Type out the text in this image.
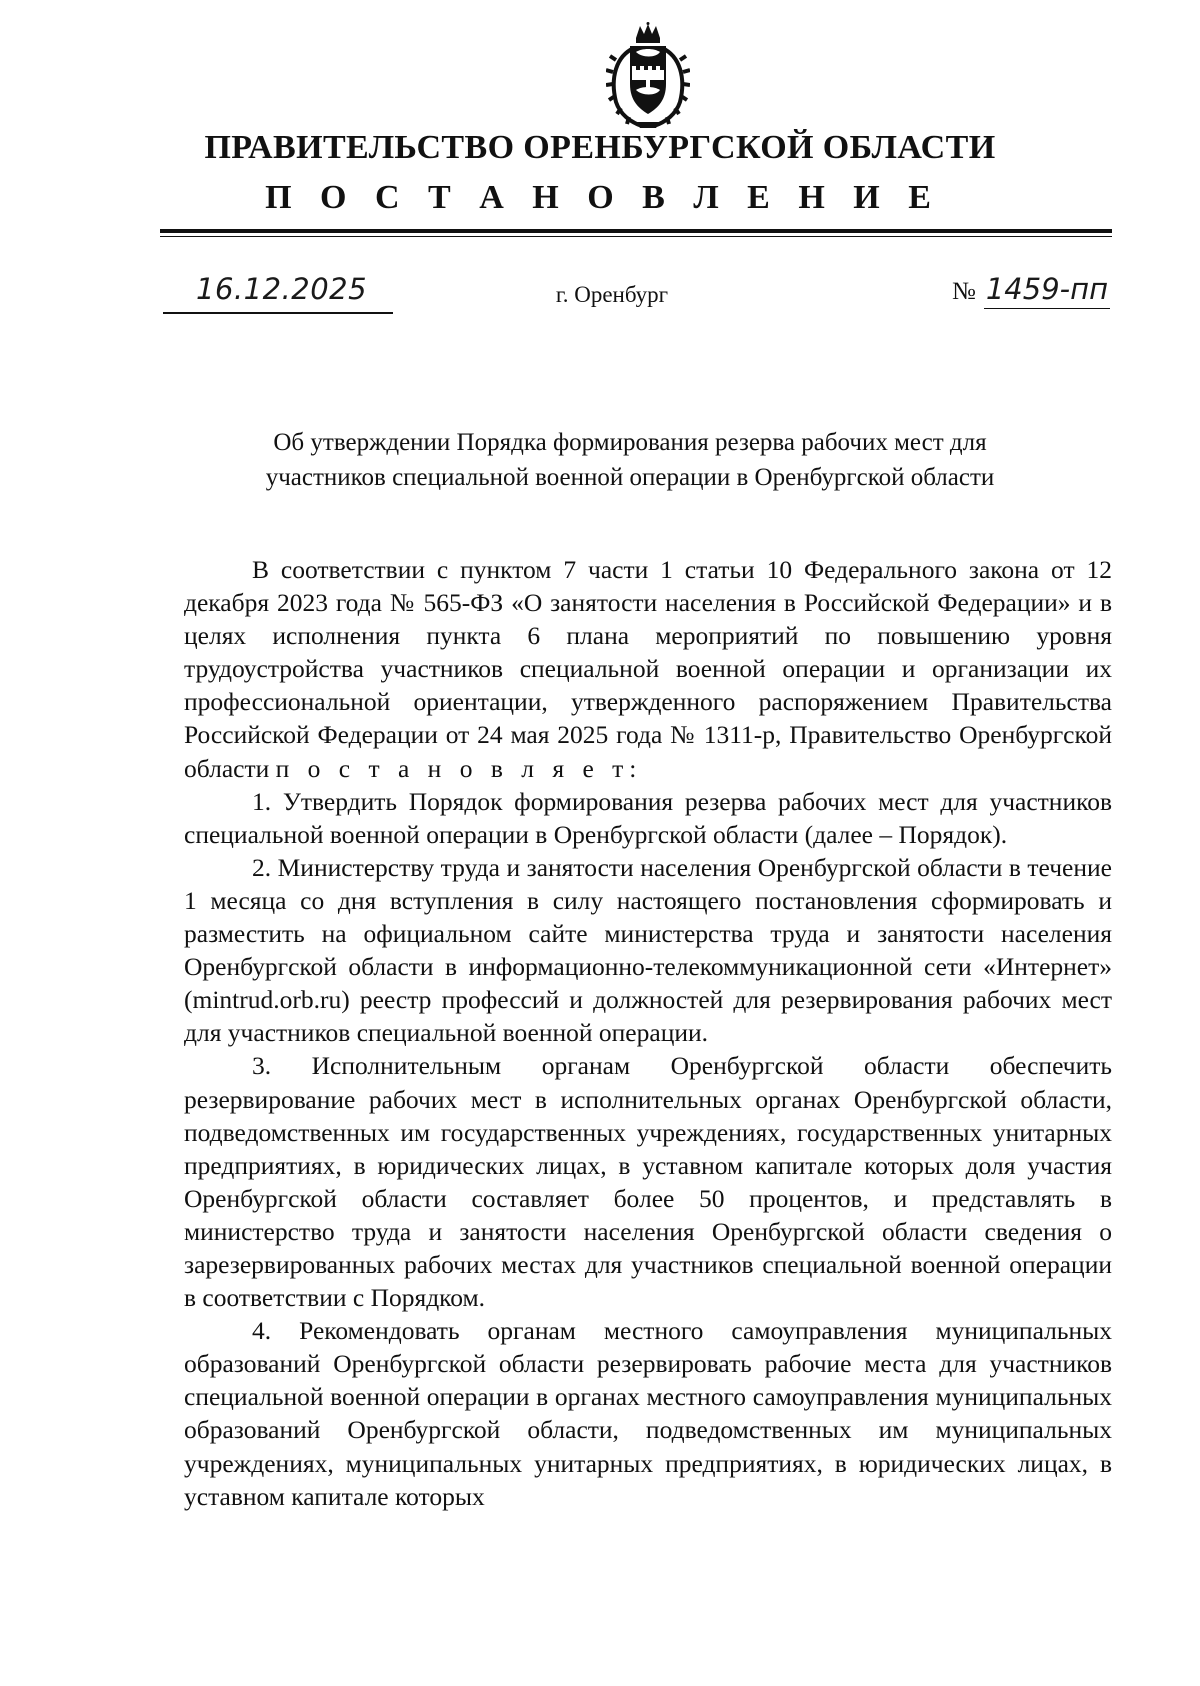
ПРАВИТЕЛЬСТВО ОРЕНБУРГСКОЙ ОБЛАСТИ
П О С Т А Н О В Л Е Н И Е
16.12.2025	г. Оренбург	№ 1459-пп
Об утверждении Порядка формирования резерва рабочих мест для
участников специальной военной операции в Оренбургской области

В соответствии с пунктом 7 части 1 статьи 10 Федерального закона от 12 декабря 2023 года № 565-ФЗ «О занятости населения в Российской Федерации» и в целях исполнения пункта 6 плана мероприятий по повышению уровня трудоустройства участников специальной военной операции и организации их профессиональной ориентации, утвержденного распоряжением Правительства Российской Федерации от 24 мая 2025 года № 1311-р, Правительство Оренбургской области п о с т а н о в л я е т:

1. Утвердить Порядок формирования резерва рабочих мест для участников специальной военной операции в Оренбургской области (далее – Порядок).

2. Министерству труда и занятости населения Оренбургской области в течение 1 месяца со дня вступления в силу настоящего постановления сформировать и разместить на официальном сайте министерства труда и занятости населения Оренбургской области в информационно-телекоммуникационной сети «Интернет» (mintrud.orb.ru) реестр профессий и должностей для резервирования рабочих мест для участников специальной военной операции.

3. Исполнительным органам Оренбургской области обеспечить резервирование рабочих мест в исполнительных органах Оренбургской области, подведомственных им государственных учреждениях, государственных унитарных предприятиях, в юридических лицах, в уставном капитале которых доля участия Оренбургской области составляет более 50 процентов, и представлять в министерство труда и занятости населения Оренбургской области сведения о зарезервированных рабочих местах для участников специальной военной операции в соответствии с Порядком.

4. Рекомендовать органам местного самоуправления муниципальных образований Оренбургской области резервировать рабочие места для участников специальной военной операции в органах местного самоуправления муниципальных образований Оренбургской области, подведомственных им муниципальных учреждениях, муниципальных унитарных предприятиях, в юридических лицах, в уставном капитале которых
